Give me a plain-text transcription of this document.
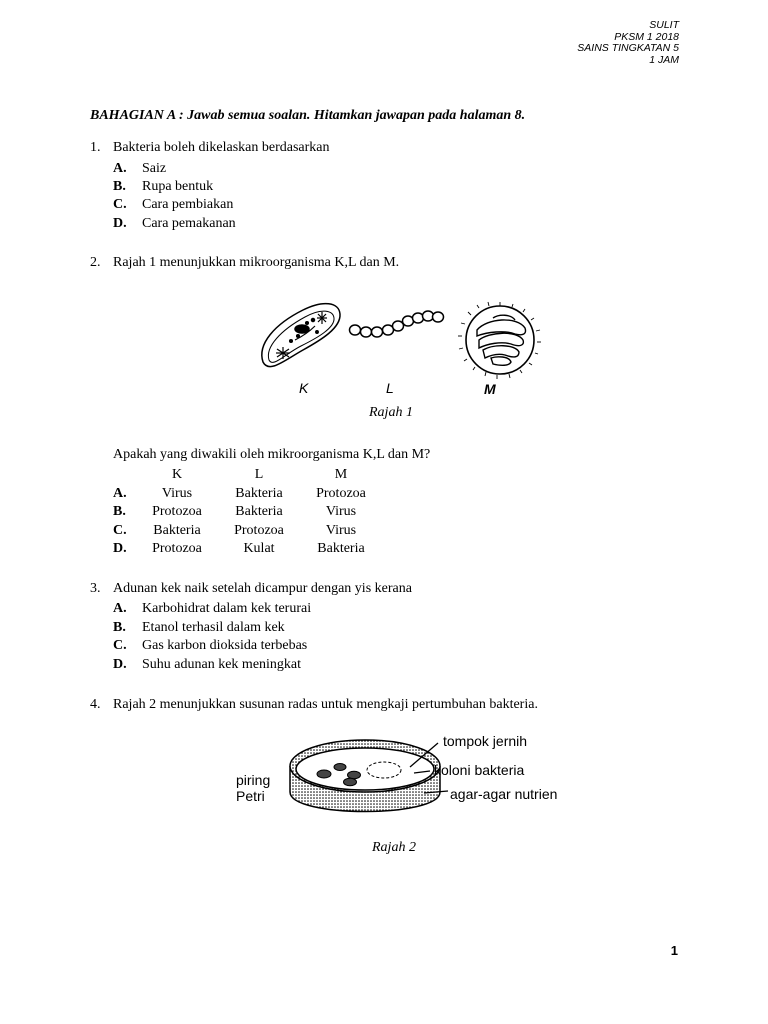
SULIT
PKSM 1 2018
SAINS TINGKATAN 5
1 JAM
BAHAGIAN A : Jawab semua soalan. Hitamkan jawapan pada halaman 8.
1. Bakteria boleh dikelaskan berdasarkan
A. Saiz
B. Rupa bentuk
C. Cara pembiakan
D. Cara pemakanan
2. Rajah 1 menunjukkan mikroorganisma K,L dan M.
K	L	M
Rajah 1
Apakah yang diwakili oleh mikroorganisma K,L dan M?
K	L	M
A.	Virus	Bakteria	Protozoa
B.	Protozoa	Bakteria	Virus
C.	Bakteria	Protozoa	Virus
D.	Protozoa	Kulat	Bakteria
3. Adunan kek naik setelah dicampur dengan yis kerana
A. Karbohidrat dalam kek terurai
B. Etanol terhasil dalam kek
C. Gas karbon dioksida terbebas
D. Suhu adunan kek meningkat
4. Rajah 2 menunjukkan susunan radas untuk mengkaji pertumbuhan bakteria.
tompok jernih
koloni bakteria
agar-agar nutrien
piring
Petri
Rajah 2
1
